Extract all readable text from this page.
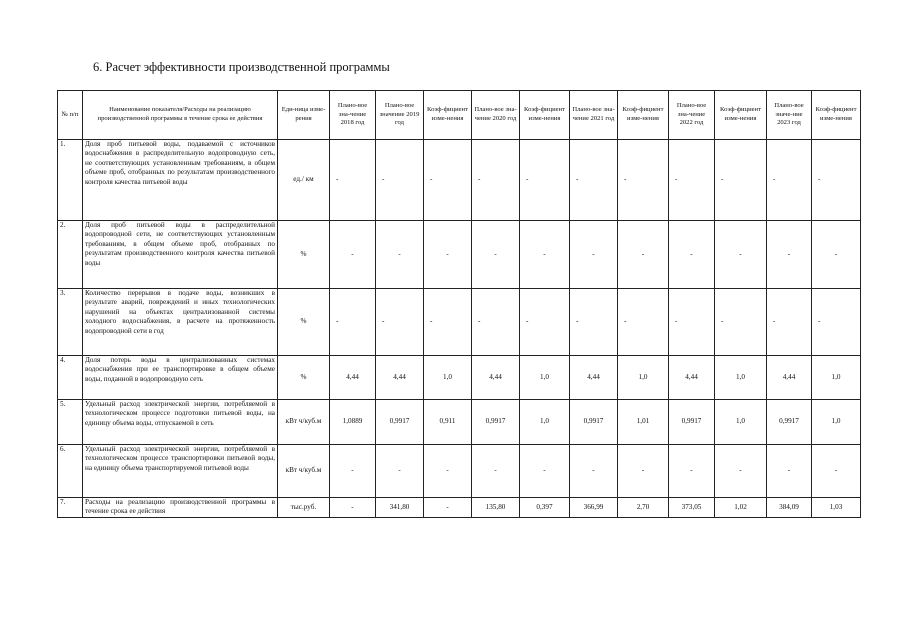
6. Расчет эффективности производственной программы
№ п/п	Наименование показателя/Расходы на реализацию производственной программы в течение срока ее действия	Еди-ница изме-рения	Плано-вое зна-чение 2018 год	Плано-вое значение 2019 год	Коэф-фициент изме-нения	Плано-вое зна-чение 2020 год	Коэф-фициент изме-нения	Плано-вое зна-чение 2021 год	Коэф-фициент изме-нения	Плано-вое зна-чение 2022 год	Коэф-фициент изме-нения	Плано-вое значе-ние 2023 год	Коэф-фициент изме-нения
1.	Доля проб питьевой воды, подаваемой с источников водоснабжения в распределительную водопроводную сеть, не соответствующих установленным требованиям, в общем объеме проб, отобранных по результатам производственного контроля качества питьевой воды	ед./ км	-	-	-	-	-	-	-	-	-	-	-
2.	Доля проб питьевой воды в распределительной водопроводной сети, не соответствующих установленным требованиям, в общем объеме проб, отобранных по результатам производственного контроля качества питьевой воды	%	-	-	-	-	-	-	-	-	-	-	-
3.	Количество перерывов в подаче воды, возникших в результате аварий, повреждений и иных технологических нарушений на объектах централизованной системы холодного водоснабжения, в расчете на протяженность водопроводной сети в год	%	-	-	-	-	-	-	-	-	-	-	-
4.	Доля потерь воды в централизованных системах водоснабжения при ее транспортировке в общем объеме воды, поданной в водопроводную сеть	%	4,44	4,44	1,0	4,44	1,0	4,44	1,0	4,44	1,0	4,44	1,0
5.	Удельный расход электрической энергии, потребляемой в технологическом процессе подготовки питьевой воды, на единицу объема воды, отпускаемой в сеть	кВт ч/куб.м	1,0889	0,9917	0,911	0,9917	1,0	0,9917	1,01	0,9917	1,0	0,9917	1,0
6.	Удельный расход электрической энергии, потребляемой в технологическом процессе транспортировки питьевой воды, на единицу объема транспортируемой питьевой воды	кВт ч/куб.м	-	-	-	-	-	-	-	-	-	-	-
7.	Расходы на реализацию производственной программы в течение срока ее действия	тыс.руб.	-	341,80	-	135,80	0,397	366,99	2,70	373,05	1,02	384,09	1,03
